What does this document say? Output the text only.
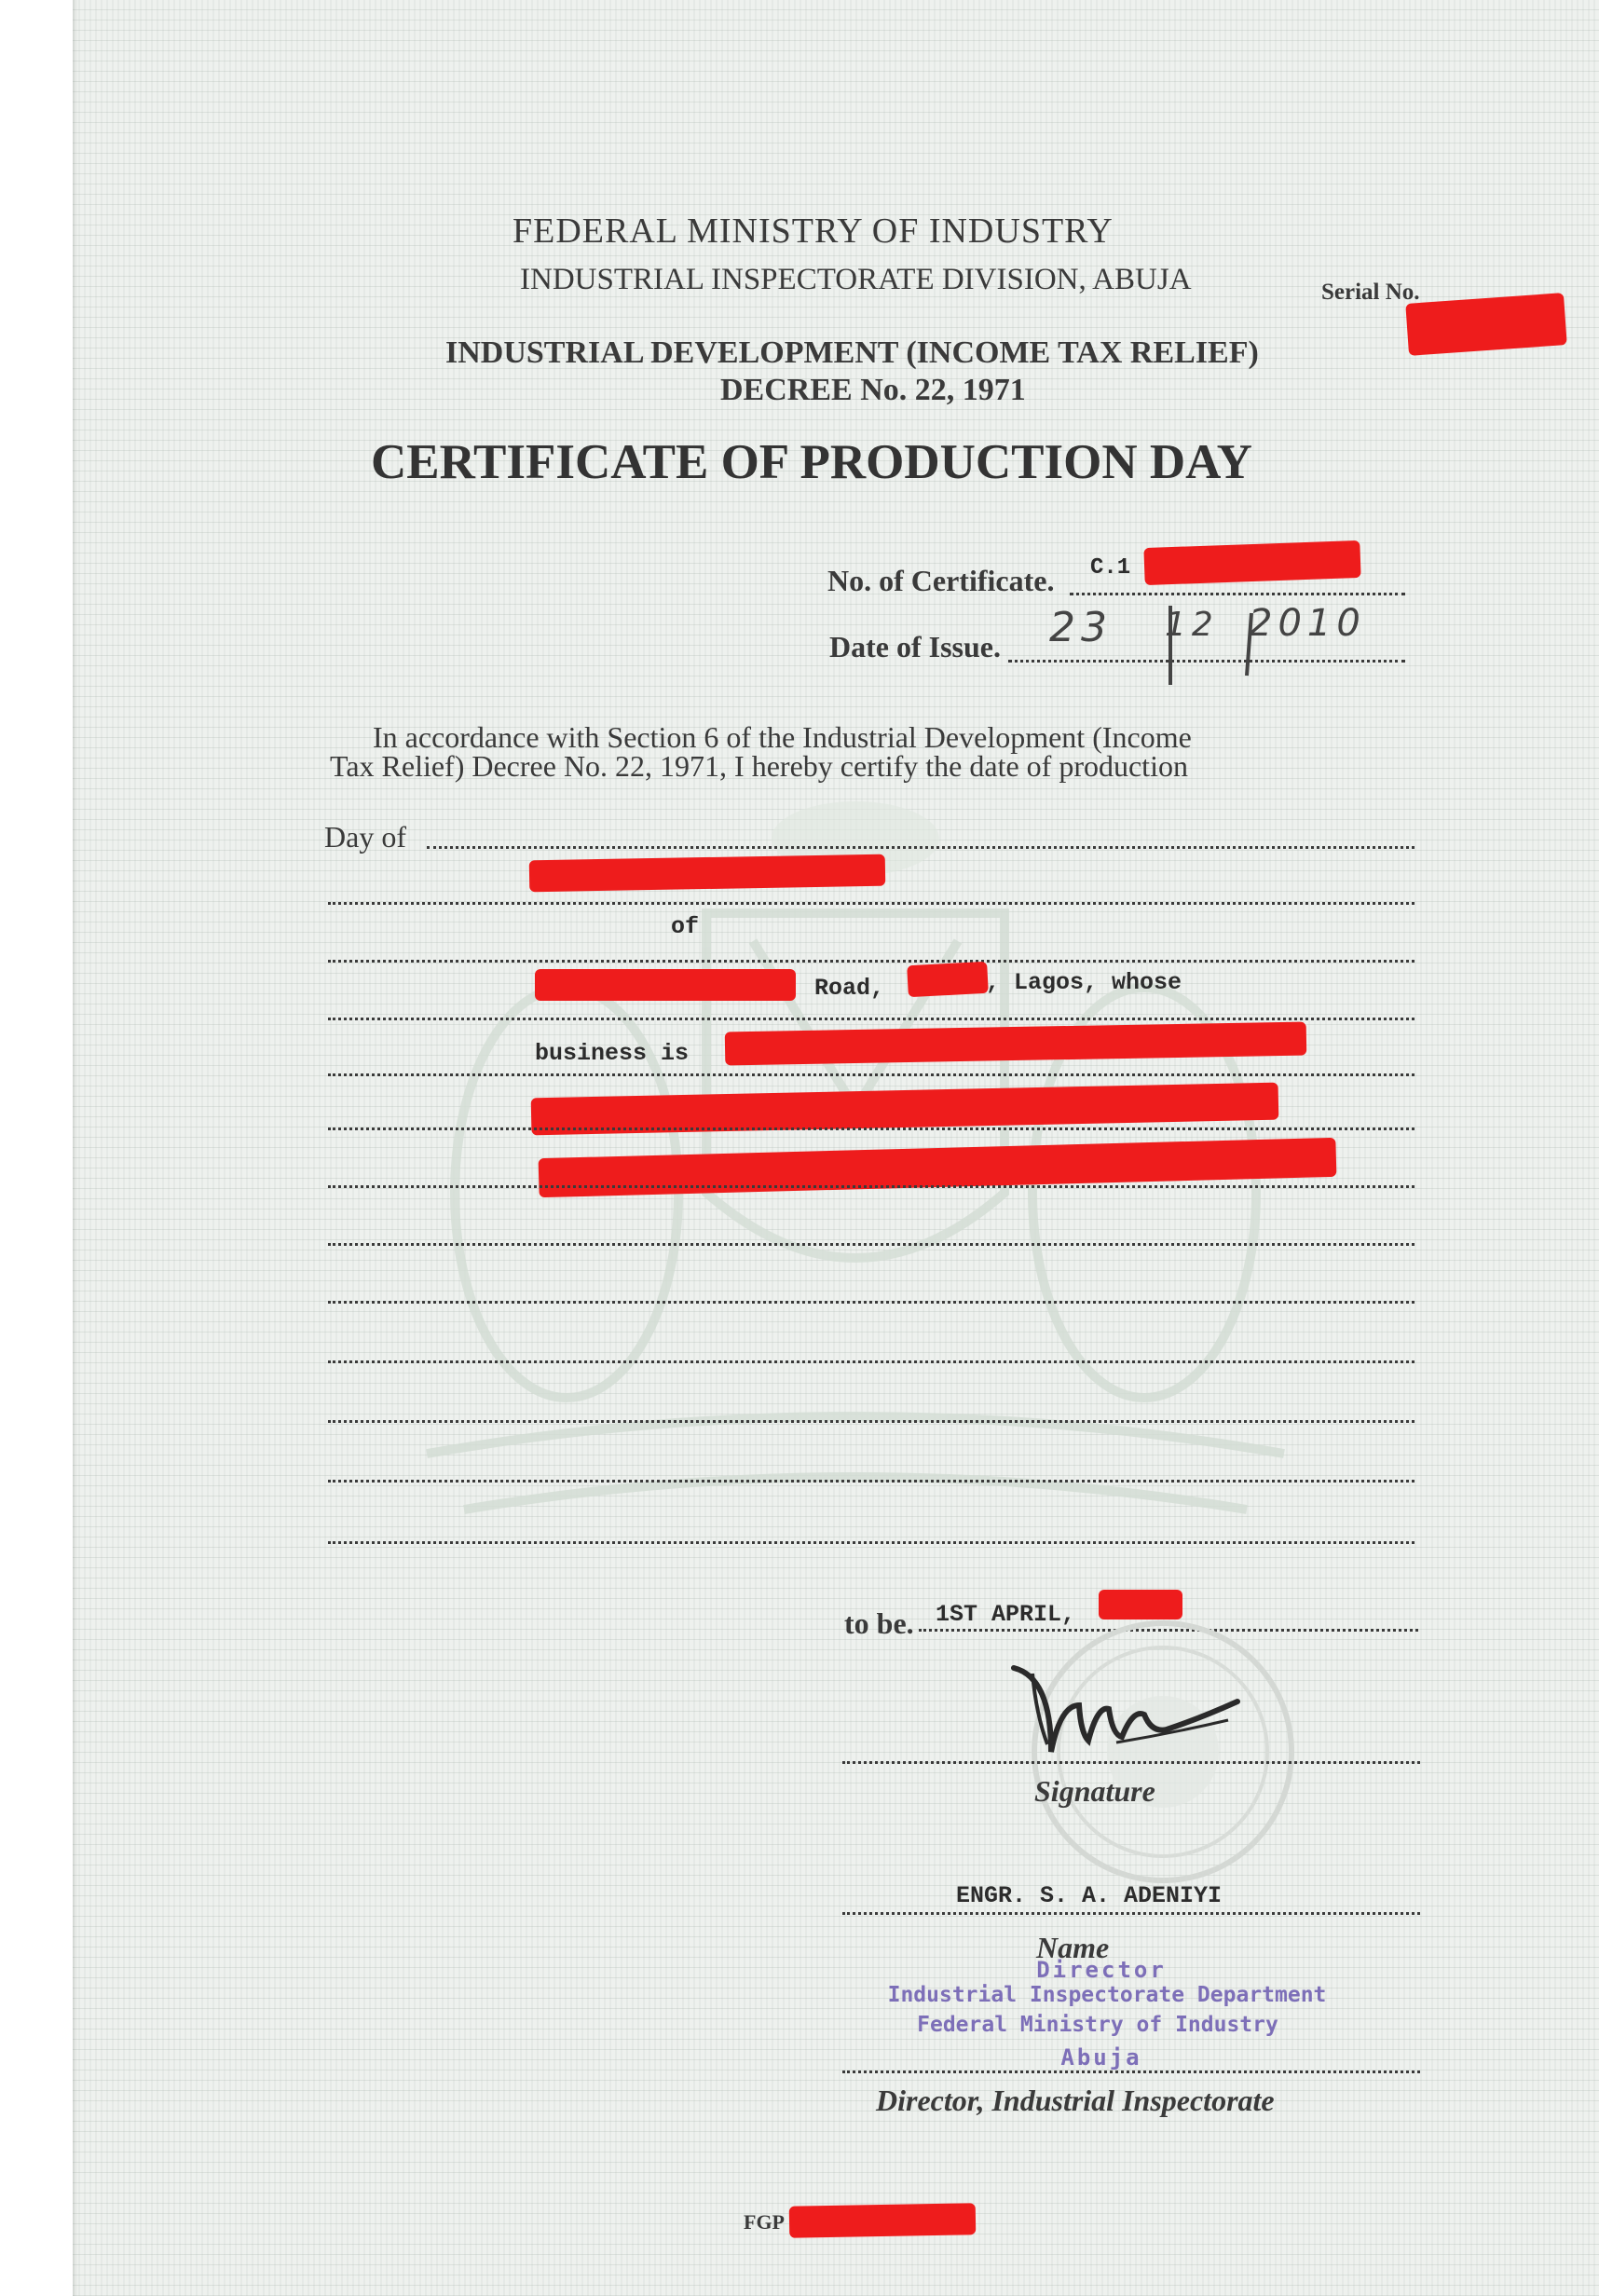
FEDERAL MINISTRY OF INDUSTRY
INDUSTRIAL INSPECTORATE DIVISION, ABUJA	Serial No.
INDUSTRIAL DEVELOPMENT (INCOME TAX RELIEF)
DECREE No. 22, 1971
CERTIFICATE OF PRODUCTION DAY
No. of Certificate. C.1
Date of Issue. 23 12 2010
In accordance with Section 6 of the Industrial Development (Income
Tax Relief) Decree No. 22, 1971, I hereby certify the date of production
Day of
of
Road,	, Lagos, whose
business is
to be. 1ST APRIL,
Signature
ENGR. S. A. ADENIYI
Name
Director
Industrial Inspectorate Department
Federal Ministry of Industry
Abuja
Director, Industrial Inspectorate
FGP
